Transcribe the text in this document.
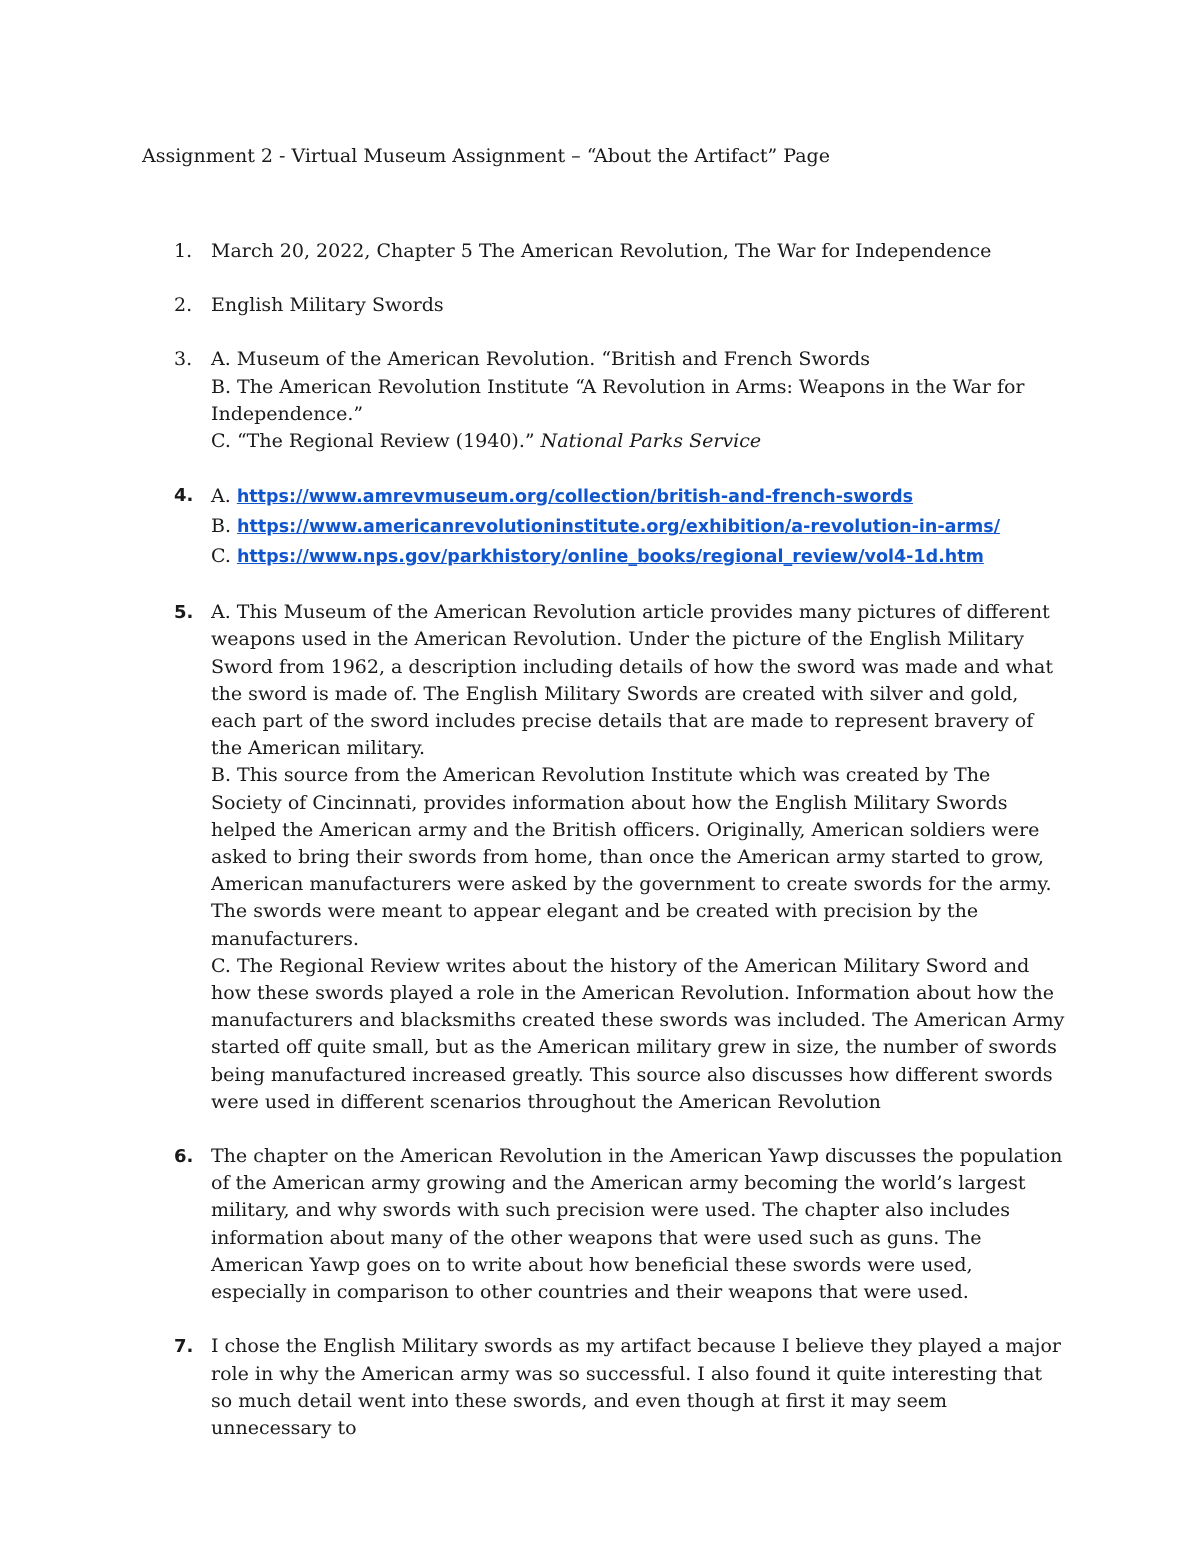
Assignment 2 - Virtual Museum Assignment – “About the Artifact” Page
1. March 20, 2022, Chapter 5 The American Revolution, The War for Independence
2. English Military Swords
3. A. Museum of the American Revolution. “British and French Swords
B. The American Revolution Institute “A Revolution in Arms: Weapons in the War for Independence.”
C. “The Regional Review (1940).” National Parks Service
4. A. https://www.amrevmuseum.org/collection/british-and-french-swords
B. https://www.americanrevolutioninstitute.org/exhibition/a-revolution-in-arms/
C. https://www.nps.gov/parkhistory/online_books/regional_review/vol4-1d.htm
5. A. This Museum of the American Revolution article provides many pictures of different weapons used in the American Revolution. Under the picture of the English Military Sword from 1962, a description including details of how the sword was made and what the sword is made of. The English Military Swords are created with silver and gold, each part of the sword includes precise details that are made to represent bravery of the American military.
B. This source from the American Revolution Institute which was created by The Society of Cincinnati, provides information about how the English Military Swords helped the American army and the British officers. Originally, American soldiers were asked to bring their swords from home, than once the American army started to grow, American manufacturers were asked by the government to create swords for the army. The swords were meant to appear elegant and be created with precision by the manufacturers.
C. The Regional Review writes about the history of the American Military Sword and how these swords played a role in the American Revolution. Information about how the manufacturers and blacksmiths created these swords was included. The American Army started off quite small, but as the American military grew in size, the number of swords being manufactured increased greatly. This source also discusses how different swords were used in different scenarios throughout the American Revolution
6. The chapter on the American Revolution in the American Yawp discusses the population of the American army growing and the American army becoming the world’s largest military, and why swords with such precision were used. The chapter also includes information about many of the other weapons that were used such as guns. The American Yawp goes on to write about how beneficial these swords were used, especially in comparison to other countries and their weapons that were used.
7. I chose the English Military swords as my artifact because I believe they played a major role in why the American army was so successful. I also found it quite interesting that so much detail went into these swords, and even though at first it may seem unnecessary to
